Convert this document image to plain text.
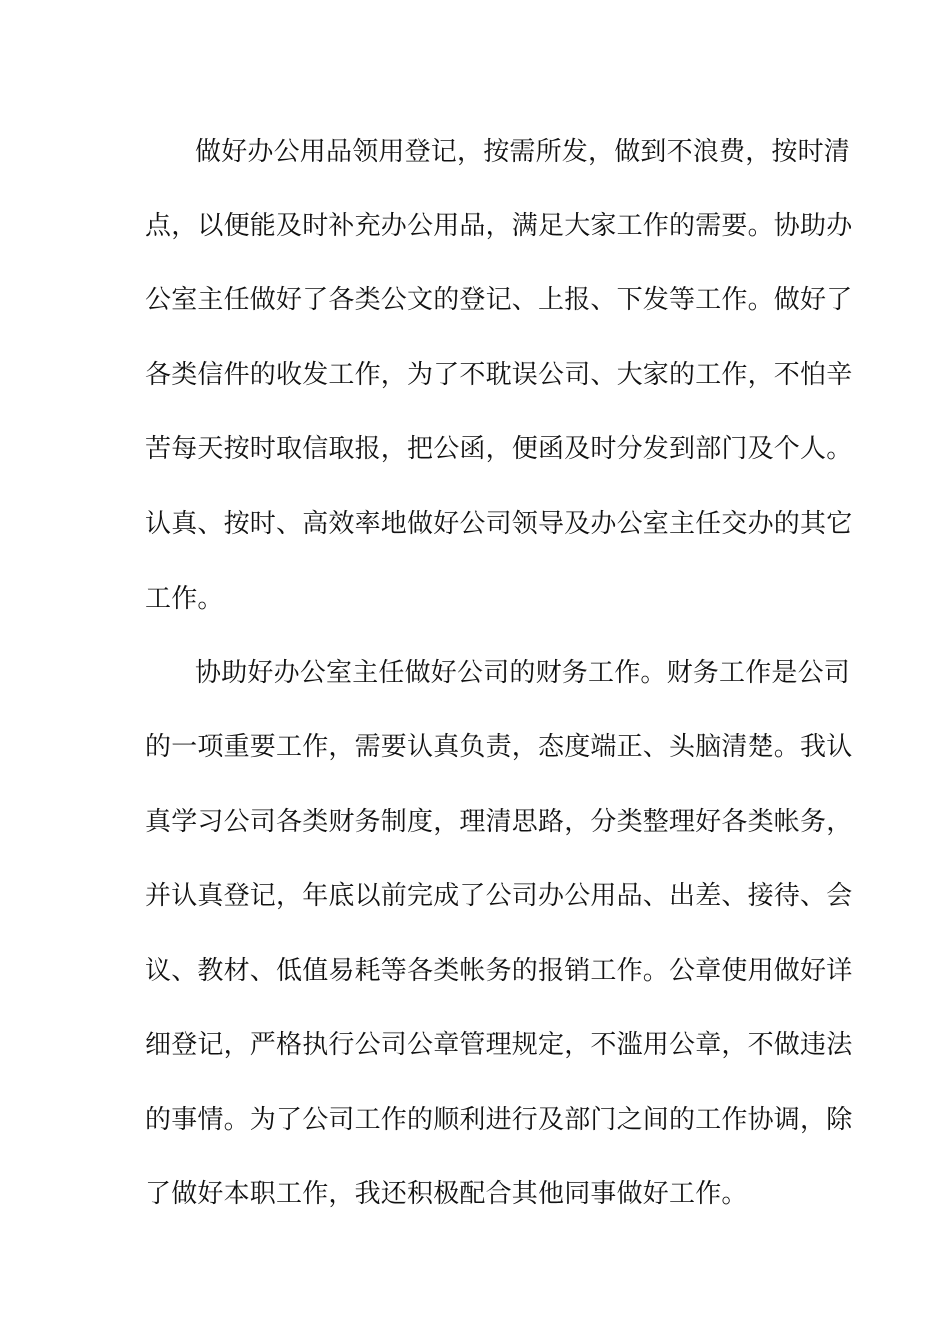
做好办公用品领用登记，按需所发，做到不浪费，按时清
点，以便能及时补充办公用品，满足大家工作的需要。协助办
公室主任做好了各类公文的登记、上报、下发等工作。做好了
各类信件的收发工作，为了不耽误公司、大家的工作，不怕辛
苦每天按时取信取报，把公函，便函及时分发到部门及个人。
认真、按时、高效率地做好公司领导及办公室主任交办的其它
工作。
协助好办公室主任做好公司的财务工作。财务工作是公司
的一项重要工作，需要认真负责，态度端正、头脑清楚。我认
真学习公司各类财务制度，理清思路，分类整理好各类帐务，
并认真登记，年底以前完成了公司办公用品、出差、接待、会
议、教材、低值易耗等各类帐务的报销工作。公章使用做好详
细登记，严格执行公司公章管理规定，不滥用公章，不做违法
的事情。为了公司工作的顺利进行及部门之间的工作协调，除
了做好本职工作，我还积极配合其他同事做好工作。
